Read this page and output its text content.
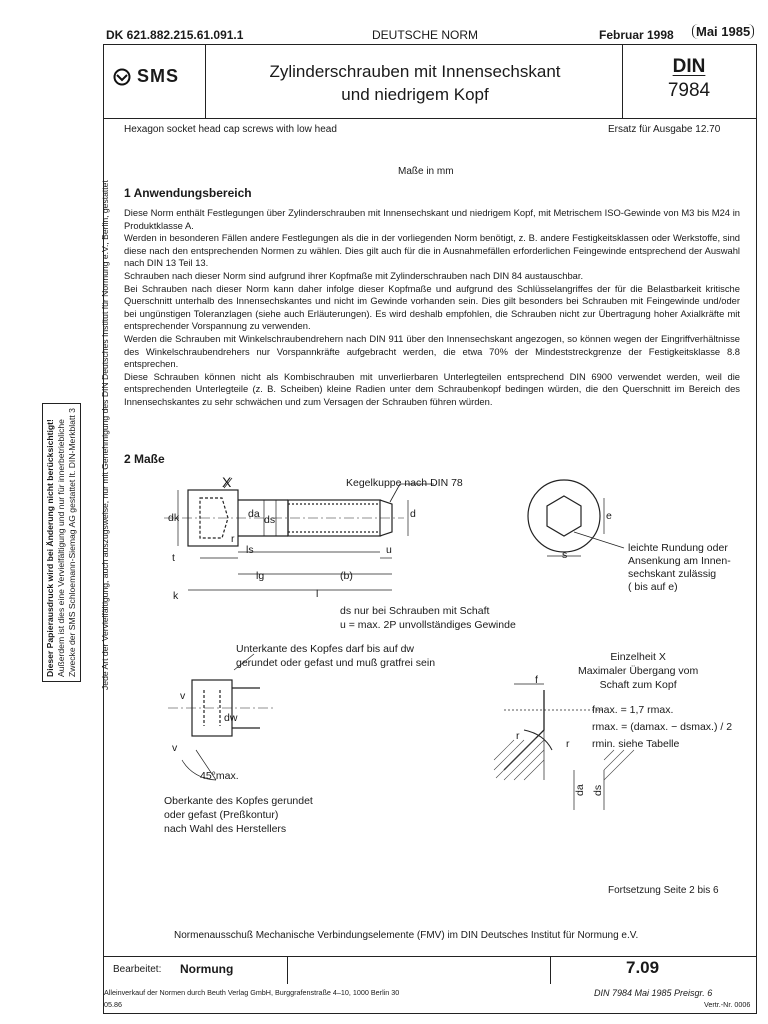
DK 621.882.215.61.091.1	DEUTSCHE NORM	Februar 1998	Mai 1985
SMS	Zylinderschrauben mit Innensechskant
und niedrigem Kopf
DIN
7984
Hexagon socket head cap screws with low head	Ersatz für Ausgabe 12.70
Maße in mm
1 Anwendungsbereich

Diese Norm enthält Festlegungen über Zylinderschrauben mit Innensechskant und niedrigem Kopf, mit Metrischem ISO-Gewinde von M3 bis M24 in Produktklasse A.

Werden in besonderen Fällen andere Festlegungen als die in der vorliegenden Norm benötigt, z. B. andere Festigkeitsklassen oder Werkstoffe, sind diese nach den entsprechenden Normen zu wählen. Dies gilt auch für die in Ausnahmefällen erforderlichen Feingewinde entsprechend der Auswahl nach DIN 13 Teil 13.

Schrauben nach dieser Norm sind aufgrund ihrer Kopfmaße mit Zylinderschrauben nach DIN 84 austauschbar.

Bei Schrauben nach dieser Norm kann daher infolge dieser Kopfmaße und aufgrund des Schlüsselangriffes der für die Belastbarkeit kritische Querschnitt unterhalb des Innensechskantes und nicht im Gewinde vorhanden sein. Dies gilt besonders bei Schrauben mit Feingewinde und/oder bei ungünstigen Toleranzlagen (siehe auch Erläuterungen). Es wird deshalb empfohlen, die Schrauben nicht zur Übertragung hoher Axialkräfte mit entsprechender Vorspannung zu verwenden.

Werden die Schrauben mit Winkelschraubendrehern nach DIN 911 über den Innensechskant angezogen, so können wegen der Eingriffverhältnisse des Winkelschraubendrehers nur Vorspannkräfte aufgebracht werden, die etwa 70% der Mindeststreckgrenze der Festigkeitsklasse 8.8 entsprechen.

Diese Schrauben können nicht als Kombischrauben mit unverlierbaren Unterlegteilen entsprechend DIN 6900 verwendet werden, weil die entsprechenden Unterlegteile (z. B. Scheiben) kleine Radien unter dem Schraubenkopf bedingen würden, die den Querschnitt im Bereich des Innensechskantes zu sehr schwächen und zum Versagen der Schrauben führen würden.

2 Maße
X	Kegelkuppe nach DIN 78
dk	da ds	d
r
ls
t
u
lg	(b)
l
k
e
s
leichte Rundung oder
Ansenkung am Innen-
sechskant zulässig
( bis auf e)
ds nur bei Schrauben mit Schaft
u = max. 2P unvollständiges Gewinde
Unterkante des Kopfes darf bis auf dw
gerundet oder gefast und muß gratfrei sein
v
dw
v
45°max.
Oberkante des Kopfes gerundet
oder gefast (Preßkontur)
nach Wahl des Herstellers
Einzelheit X
Maximaler Übergang vom
Schaft zum Kopf
f
fmax. = 1,7 rmax.
rmax. = (damax. − dsmax.) / 2
rmin. siehe Tabelle
r
r
da ds
Fortsetzung Seite 2 bis 6
Normenausschuß Mechanische Verbindungselemente (FMV) im DIN Deutsches Institut für Normung e.V.
Bearbeitet: Normung	7.09
Alleinverkauf der Normen durch Beuth Verlag GmbH, Burggrafenstraße 4–10, 1000 Berlin 30	DIN 7984 Mai 1985 Preisgr. 6
05.86	Vertr.-Nr. 0006
Jede Art der Vervielfältigung, auch auszugsweise, nur mit Genehmigung des DIN Deutsches Institut für Normung e.V., Berlin, gestattet
Dieser Papierausdruck wird bei Änderung nicht berücksichtigt! Außerdem ist dies eine Vervielfältigung und nur für innerbetriebliche Zwecke der SMS Schloemann-Siemag AG gestattet lt. DIN-Merkblatt 3
